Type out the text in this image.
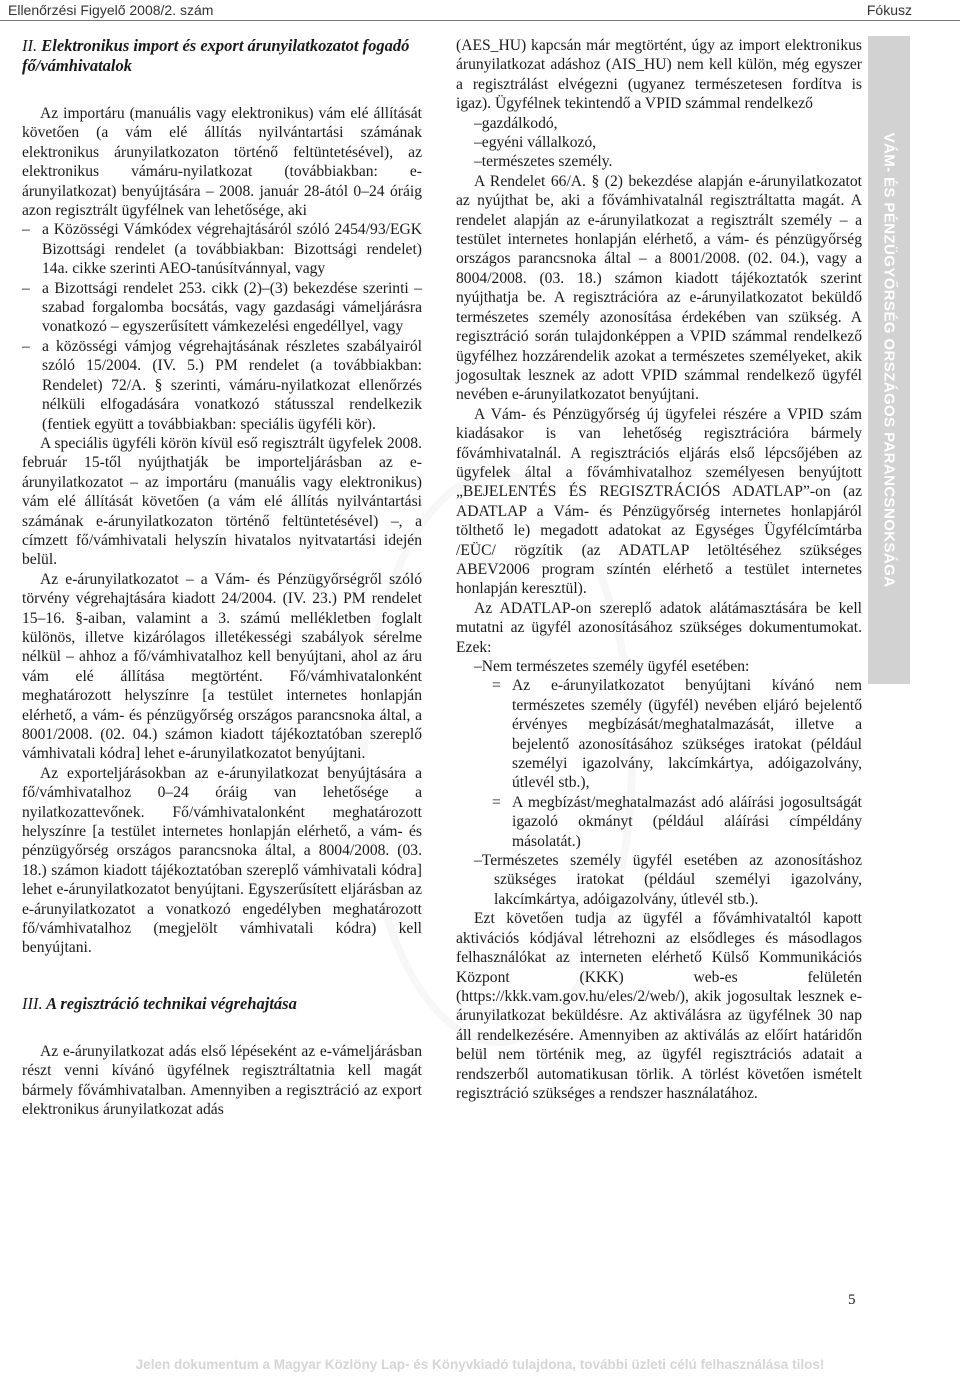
Ellenőrzési Figyelő 2008/2. szám	Fókusz
II. Elektronikus import és export árunyilatkozatot fogadó fő/vámhivatalok

Az importáru (manuális vagy elektronikus) vám elé állítását követően (a vám elé állítás nyilvántartási számának elektronikus árunyilatkozaton történő feltüntetésével), az elektronikus vámáru-nyilatkozat (továbbiakban: e-árunyilatkozat) benyújtására – 2008. január 28-ától 0–24 óráig azon regisztrált ügyfélnek van lehetősége, aki

– a Közösségi Vámkódex végrehajtásáról szóló 2454/93/EGK Bizottsági rendelet (a továbbiakban: Bizottsági rendelet) 14a. cikke szerinti AEO-tanúsítvánnyal, vagy

– a Bizottsági rendelet 253. cikk (2)–(3) bekezdése szerinti – szabad forgalomba bocsátás, vagy gazdasági vámeljárásra vonatkozó – egyszerűsített vámkezelési engedéllyel, vagy

– a közösségi vámjog végrehajtásának részletes szabályairól szóló 15/2004. (IV. 5.) PM rendelet (a továbbiakban: Rendelet) 72/A. § szerinti, vámáru-nyilatkozat ellenőrzés nélküli elfogadására vonatkozó státusszal rendelkezik (fentiek együtt a továbbiakban: speciális ügyféli kör).

A speciális ügyféli körön kívül eső regisztrált ügyfelek 2008. február 15-től nyújthatják be importeljárásban az e-árunyilatkozatot – az importáru (manuális vagy elektronikus) vám elé állítását követően (a vám elé állítás nyilvántartási számának e-árunyilatkozaton történő feltüntetésével) –, a címzett fő/vámhivatali helyszín hivatalos nyitvatartási idején belül.

Az e-árunyilatkozatot – a Vám- és Pénzügyőrségről szóló törvény végrehajtására kiadott 24/2004. (IV. 23.) PM rendelet 15–16. §-aiban, valamint a 3. számú mellékletben foglalt különös, illetve kizárólagos illetékességi szabályok sérelme nélkül – ahhoz a fő/vámhivatalhoz kell benyújtani, ahol az áru vám elé állítása megtörtént. Fő/vámhivatalonként meghatározott helyszínre [a testület internetes honlapján elérhető, a vám- és pénzügyőrség országos parancsnoka által, a 8001/2008. (02. 04.) számon kiadott tájékoztatóban szereplő vámhivatali kódra] lehet e-árunyilatkozatot benyújtani.

Az exporteljárásokban az e-árunyilatkozat benyújtására a fő/vámhivatalhoz 0–24 óráig van lehetősége a nyilatkozattevőnek. Fő/vámhivatalonként meghatározott helyszínre [a testület internetes honlapján elérhető, a vám- és pénzügyőrség országos parancsnoka által, a 8004/2008. (03. 18.) számon kiadott tájékoztatóban szereplő vámhivatali kódra] lehet e-árunyilatkozatot benyújtani. Egyszerűsített eljárásban az e-árunyilatkozatot a vonatkozó engedélyben meghatározott fő/vámhivatalhoz (megjelölt vámhivatali kódra) kell benyújtani.

III. A regisztráció technikai végrehajtása

Az e-árunyilatkozat adás első lépéseként az e-vámeljárásban részt venni kívánó ügyfélnek regisztráltatnia kell magát bármely fővámhivatalban. Amennyiben a regisztráció az export elektronikus árunyilatkozat adás

(AES_HU) kapcsán már megtörtént, úgy az import elektronikus árunyilatkozat adáshoz (AIS_HU) nem kell külön, még egyszer a regisztrálást elvégezni (ugyanez természetesen fordítva is igaz). Ügyfélnek tekintendő a VPID számmal rendelkező

–gazdálkodó,

–egyéni vállalkozó,

–természetes személy.

A Rendelet 66/A. § (2) bekezdése alapján e-árunyilatkozatot az nyújthat be, aki a fővámhivatalnál regisztráltatta magát. A rendelet alapján az e-árunyilatkozat a regisztrált személy – a testület internetes honlapján elérhető, a vám- és pénzügyőrség országos parancsnoka által – a 8001/2008. (02. 04.), vagy a 8004/2008. (03. 18.) számon kiadott tájékoztatók szerint nyújthatja be. A regisztrációra az e-árunyilatkozatot beküldő természetes személy azonosítása érdekében van szükség. A regisztráció során tulajdonképpen a VPID számmal rendelkező ügyfélhez hozzárendelik azokat a természetes személyeket, akik jogosultak lesznek az adott VPID számmal rendelkező ügyfél nevében e-árunyilatkozatot benyújtani.

A Vám- és Pénzügyőrség új ügyfelei részére a VPID szám kiadásakor is van lehetőség regisztrációra bármely fővámhivatalnál. A regisztrációs eljárás első lépcsőjében az ügyfelek által a fővámhivatalhoz személyesen benyújtott „BEJELENTÉS ÉS REGISZTRÁCIÓS ADATLAP”-on (az ADATLAP a Vám- és Pénzügyőrség internetes honlapjáról tölthető le) megadott adatokat az Egységes Ügyfélcímtárba /EÜC/ rögzítik (az ADATLAP letöltéséhez szükséges ABEV2006 program színtén elérhető a testület internetes honlapján keresztül).

Az ADATLAP-on szereplő adatok alátámasztására be kell mutatni az ügyfél azonosításához szükséges dokumentumokat. Ezek:

–Nem természetes személy ügyfél esetében:

= Az e-árunyilatkozatot benyújtani kívánó nem természetes személy (ügyfél) nevében eljáró bejelentő érvényes megbízását/meghatalmazását, illetve a bejelentő azonosításához szükséges iratokat (például személyi igazolvány, lakcímkártya, adóigazolvány, útlevél stb.),

= A megbízást/meghatalmazást adó aláírási jogosultságát igazoló okmányt (például aláírási címpéldány másolatát.)

–Természetes személy ügyfél esetében az azonosításhoz szükséges iratokat (például személyi igazolvány, lakcímkártya, adóigazolvány, útlevél stb.).

Ezt követően tudja az ügyfél a fővámhivataltól kapott aktivációs kódjával létrehozni az elsődleges és másodlagos felhasználókat az interneten elérhető Külső Kommunikációs Központ (KKK) web-es felületén (https://kkk.vam.gov.hu/eles/2/web/), akik jogosultak lesznek e-árunyilatkozat beküldésre. Az aktiválásra az ügyfélnek 30 nap áll rendelkezésére. Amennyiben az aktiválás az előírt határidőn belül nem történik meg, az ügyfél regisztrációs adatait a rendszerből automatikusan törlik. A törlést követően ismételt regisztráció szükséges a rendszer használatához.

VÁM- ÉS PÉNZÜGYŐRSÉG ORSZÁGOS PARANCSNOKSÁGA
5
Jelen dokumentum a Magyar Közlöny Lap- és Könyvkiadó tulajdona, további üzleti célú felhasználása tilos!
